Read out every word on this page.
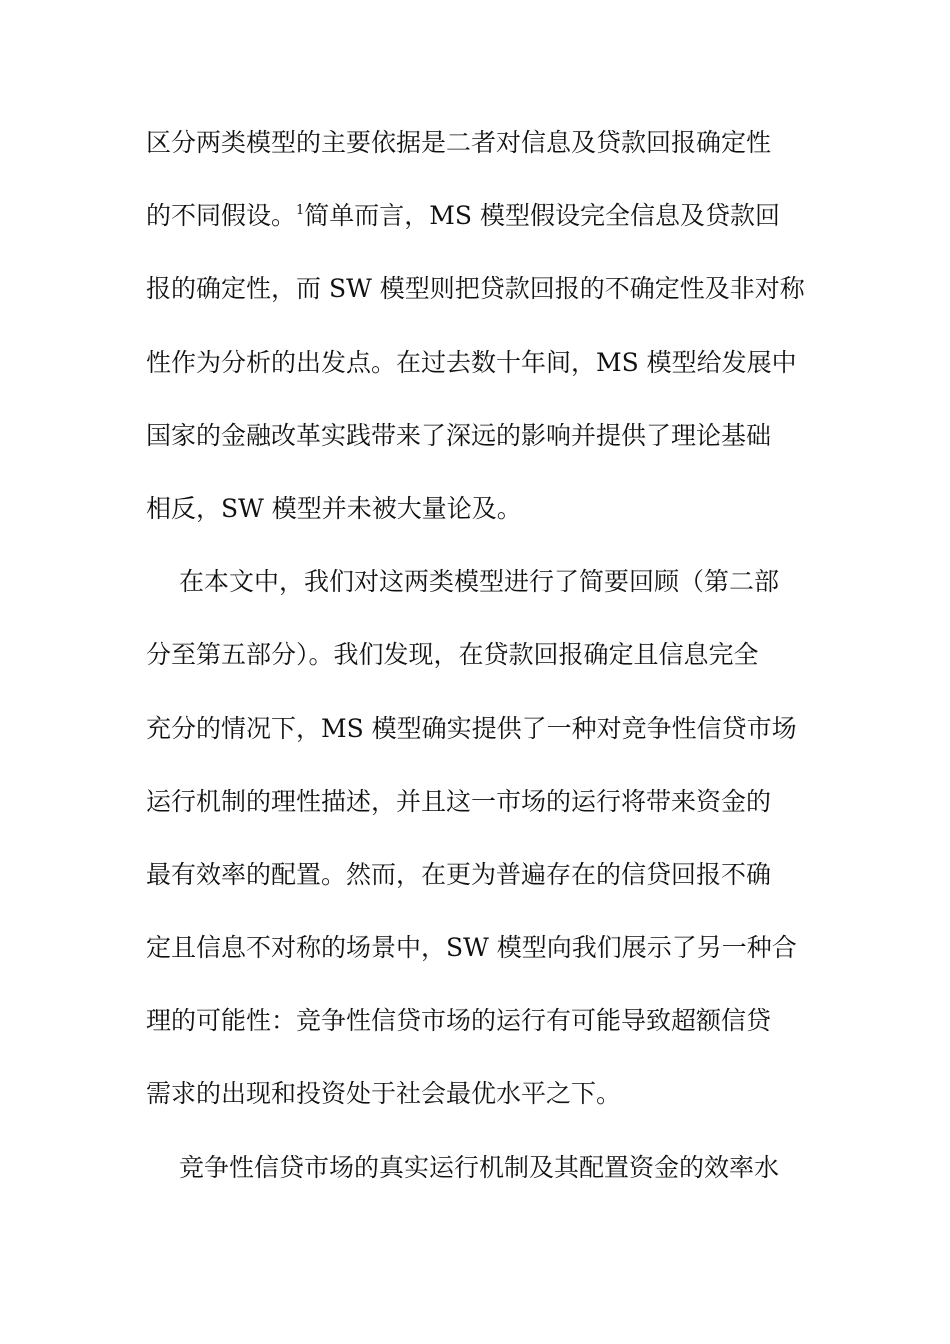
区分两类模型的主要依据是二者对信息及贷款回报确定性
的不同假设。$^1$简单而言，MS 模型假设完全信息及贷款回
报的确定性，而 SW 模型则把贷款回报的不确定性及非对称
性作为分析的出发点。在过去数十年间，MS 模型给发展中
国家的金融改革实践带来了深远的影响并提供了理论基础
相反，SW 模型并未被大量论及。
在本文中，我们对这两类模型进行了简要回顾（第二部
分至第五部分）。我们发现，在贷款回报确定且信息完全
充分的情况下，MS 模型确实提供了一种对竞争性信贷市场
运行机制的理性描述，并且这一市场的运行将带来资金的
最有效率的配置。然而，在更为普遍存在的信贷回报不确
定且信息不对称的场景中，SW 模型向我们展示了另一种合
理的可能性：竞争性信贷市场的运行有可能导致超额信贷
需求的出现和投资处于社会最优水平之下。
竞争性信贷市场的真实运行机制及其配置资金的效率水
